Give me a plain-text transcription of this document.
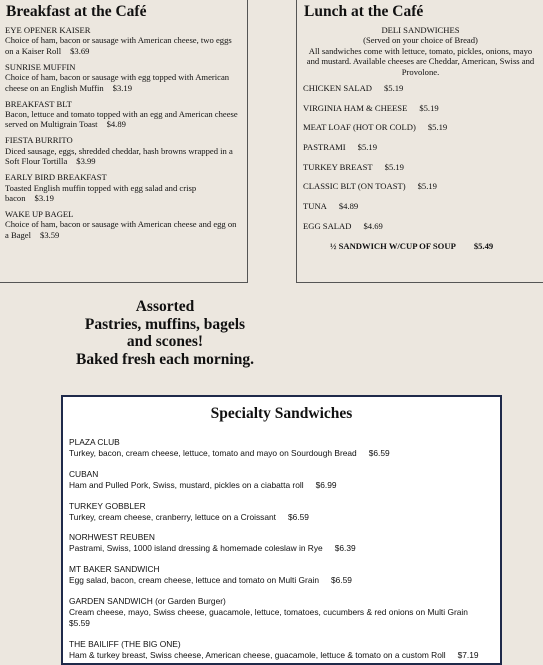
Breakfast at the Café
EYE OPENER KAISER
Choice of ham, bacon or sausage with American cheese, two eggs on a Kaiser Roll $3.69
SUNRISE MUFFIN
Choice of ham, bacon or sausage with egg topped with American cheese on an English Muffin $3.19
BREAKFAST BLT
Bacon, lettuce and tomato topped with an egg and American cheese served on Multigrain Toast $4.89
FIESTA BURRITO
Diced sausage, eggs, shredded cheddar, hash browns wrapped in a Soft Flour Tortilla $3.99
EARLY BIRD BREAKFAST
Toasted English muffin topped with egg salad and crisp bacon $3.19
WAKE UP BAGEL
Choice of ham, bacon or sausage with American cheese and egg on a Bagel $3.59
Lunch at the Café
DELI SANDWICHES
(Served on your choice of Bread)
All sandwiches come with lettuce, tomato, pickles, onions, mayo and mustard. Available cheeses are Cheddar, American, Swiss and Provolone.
CHICKEN SALAD $5.19
VIRGINIA HAM & CHEESE $5.19
MEAT LOAF (HOT OR COLD) $5.19
PASTRAMI $5.19
TURKEY BREAST $5.19
CLASSIC BLT (ON TOAST) $5.19
TUNA $4.89
EGG SALAD $4.69
½ SANDWICH W/CUP OF SOUP $5.49
Assorted
Pastries, muffins, bagels
and scones!
Baked fresh each morning.
Specialty Sandwiches
PLAZA CLUB
Turkey, bacon, cream cheese, lettuce, tomato and mayo on Sourdough Bread $6.59
CUBAN
Ham and Pulled Pork, Swiss, mustard, pickles on a ciabatta roll $6.99
TURKEY GOBBLER
Turkey, cream cheese, cranberry, lettuce on a Croissant $6.59
NORHWEST REUBEN
Pastrami, Swiss, 1000 island dressing & homemade coleslaw in Rye $6.39
MT BAKER SANDWICH
Egg salad, bacon, cream cheese, lettuce and tomato on Multi Grain $6.59
GARDEN SANDWICH (or Garden Burger)
Cream cheese, mayo, Swiss cheese, guacamole, lettuce, tomatoes, cucumbers & red onions on Multi Grain
$5.59
THE BAILIFF (THE BIG ONE)
Ham & turkey breast, Swiss cheese, American cheese, guacamole, lettuce & tomato on a custom Roll $7.19
